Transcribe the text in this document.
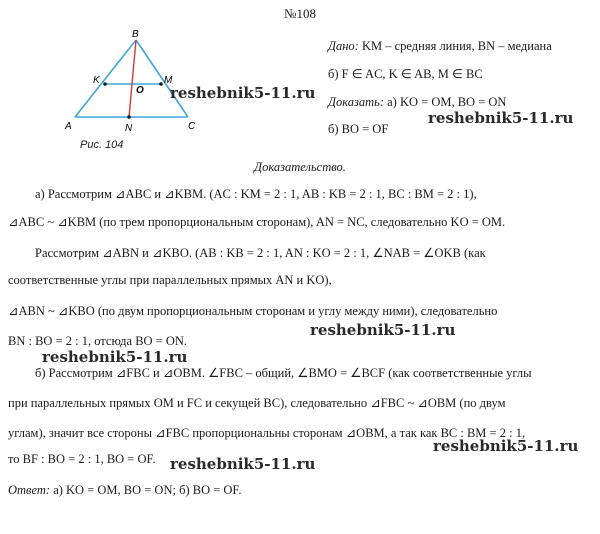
№108
B
K	M
O
A	N	C
Рис. 104
Дано: KM – средняя линия, BN – медиана
б) F ∈ AC, K ∈ AB, M ∈ BC
Доказать: а) KO = OM, BO = ON
б) BO = OF
Доказательство.
а) Рассмотрим ⊿ABC и ⊿KBM. (AC : KM = 2 : 1, AB : KB = 2 : 1, BC : BM = 2 : 1),
⊿ABC ~ ⊿KBM (по трем пропорциональным сторонам), AN = NC, следовательно KO = OM.
Рассмотрим ⊿ABN и ⊿KBO. (AB : KB = 2 : 1, AN : KO = 2 : 1, ∠NAB = ∠OKB (как
соответственные углы при параллельных прямых AN и KO),
⊿ABN ~ ⊿KBO (по двум пропорциональным сторонам и углу между ними), следовательно
BN : BO = 2 : 1, отсюда BO = ON.
б) Рассмотрим ⊿FBC и ⊿OBM. ∠FBC – общий, ∠BMO = ∠BCF (как соответственные углы
при параллельных прямых OM и FC и секущей BC), следовательно ⊿FBC ~ ⊿OBM (по двум
углам), значит все стороны ⊿FBC пропорциональны сторонам ⊿OBM, а так как BC : BM = 2 : 1,
то BF : BO = 2 : 1, BO = OF.
Ответ: а) KO = OM, BO = ON; б) BO = OF.
reshebnik5-11.ru
reshebnik5-11.ru
reshebnik5-11.ru
reshebnik5-11.ru
reshebnik5-11.ru
reshebnik5-11.ru
